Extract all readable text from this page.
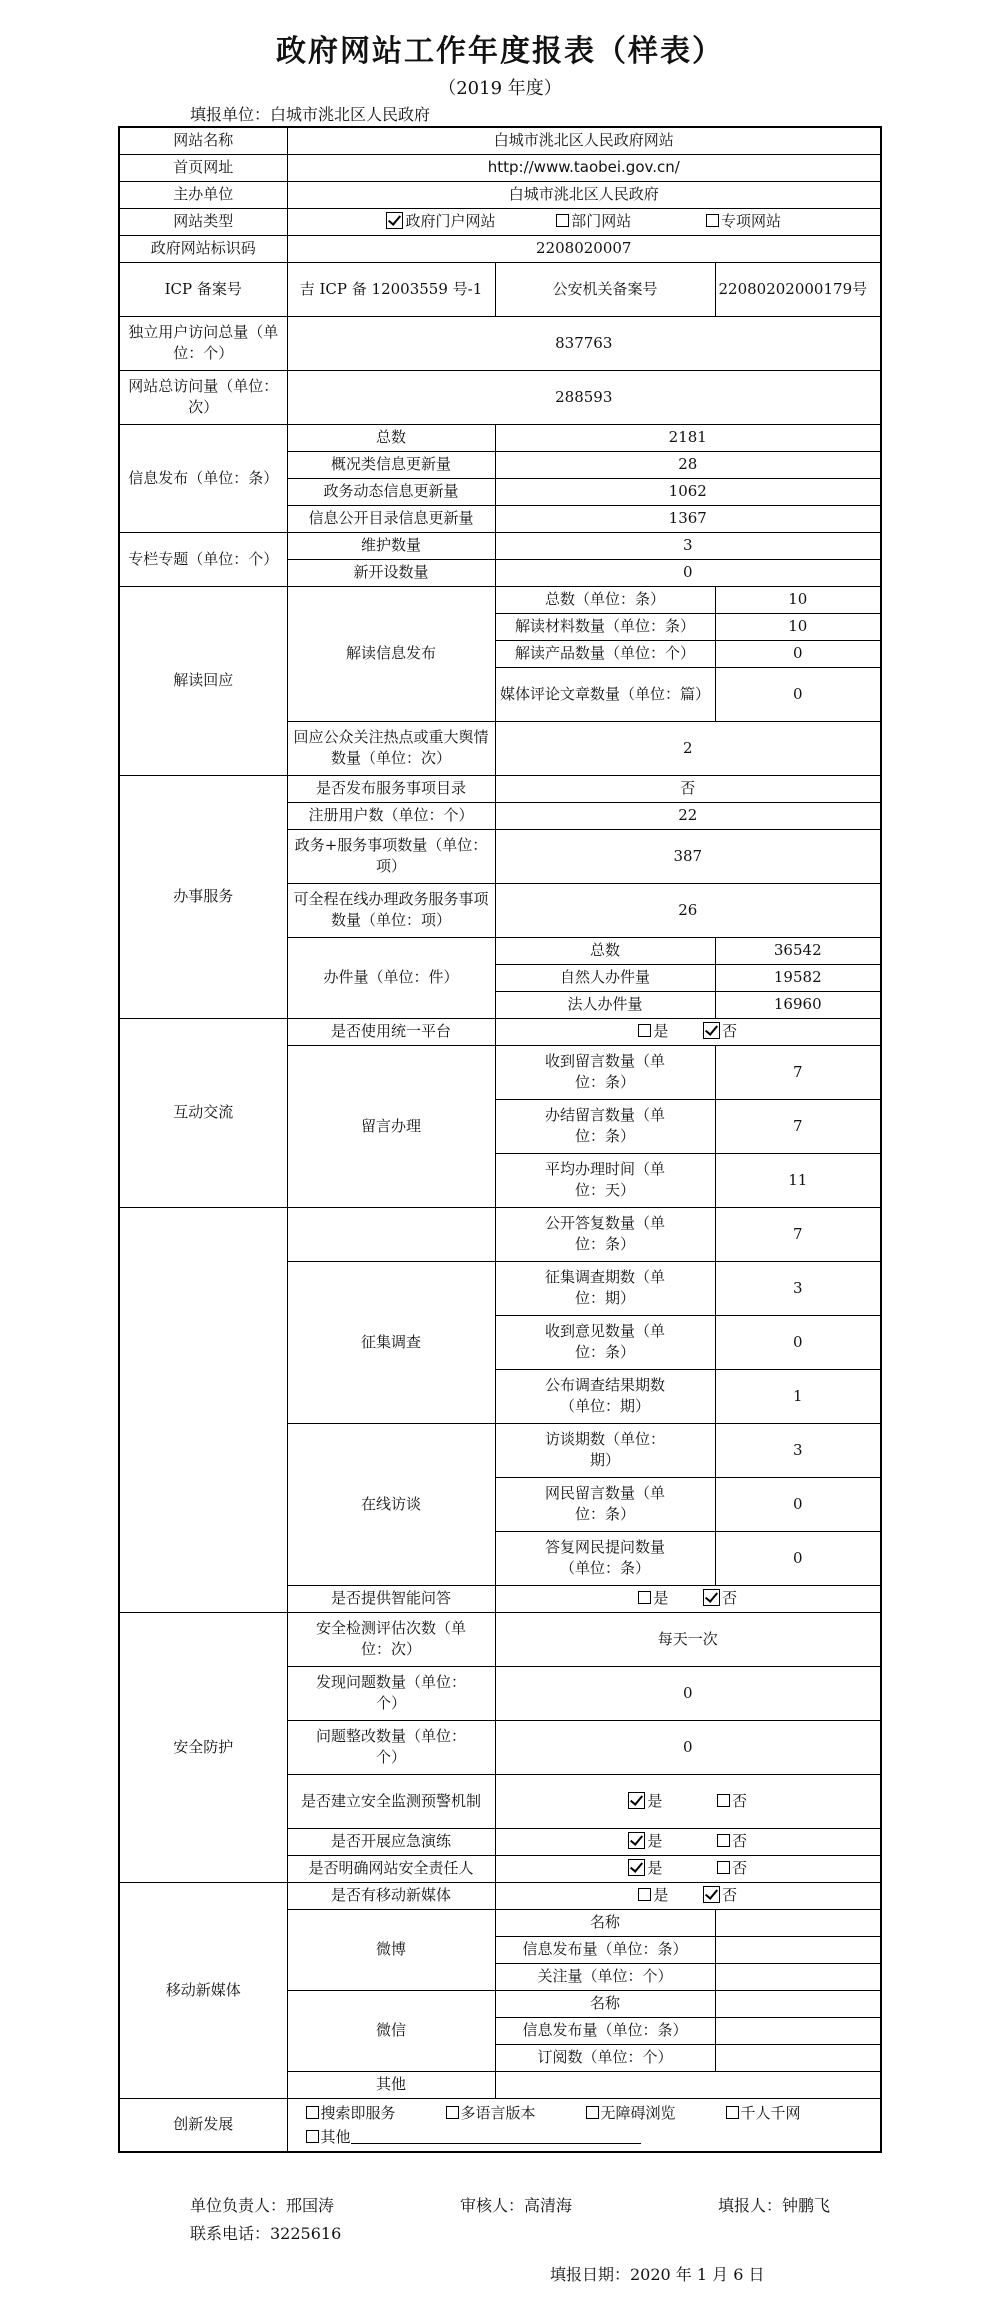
政府网站工作年度报表（样表）
（2019 年度）
填报单位：白城市洮北区人民政府
网站名称	白城市洮北区人民政府网站		
首页网址	http://www.taobei.gov.cn/		
主办单位	白城市洮北区人民政府		
网站类型	政府门户网站 部门网站 专项网站		
政府网站标识码	2208020007		
ICP 备案号	吉 ICP 备 12003559 号-1	公安机关备案号	22080202000179号
独立用户访问总量（单位：个）	837763		
网站总访问量（单位：次）	288593		
信息发布（单位：条）	总数	2181	
	概况类信息更新量	28	
	政务动态信息更新量	1062	
	信息公开目录信息更新量	1367	
专栏专题（单位：个）	维护数量	3	
	新开设数量	0	
解读回应	解读信息发布	总数（单位：条）	10
		解读材料数量（单位：条）	10
		解读产品数量（单位：个）	0
		媒体评论文章数量（单位：篇）	0
	回应公众关注热点或重大舆情数量（单位：次）	2	
办事服务	是否发布服务事项目录	否	
	注册用户数（单位：个）	22	
	政务+服务事项数量（单位：项）	387	
	可全程在线办理政务服务事项数量（单位：项）	26	
	办件量（单位：件）	总数	36542
		自然人办件量	19582
		法人办件量	16960
互动交流	是否使用统一平台	是 否	
	留言办理	收到留言数量（单位：条）	7
		办结留言数量（单位：条）	7
		平均办理时间（单位：天）	11
		公开答复数量（单位：条）	7
	征集调查	征集调查期数（单位：期）	3
		收到意见数量（单位：条）	0
		公布调查结果期数（单位：期）	1
	在线访谈	访谈期数（单位：期）	3
		网民留言数量（单位：条）	0
		答复网民提问数量（单位：条）	0
	是否提供智能问答	是 否	
安全防护	安全检测评估次数（单位：次）	每天一次	
	发现问题数量（单位：个）	0	
	问题整改数量（单位：个）	0	
	是否建立安全监测预警机制	是 否	
	是否开展应急演练	是 否	
	是否明确网站安全责任人	是 否	
移动新媒体	是否有移动新媒体	是 否	
	微博	名称	
		信息发布量（单位：条）	
		关注量（单位：个）	
	微信	名称	
		信息发布量（单位：条）	
		订阅数（单位：个）	
	其他		
创新发展	搜索即服务 多语言版本 无障碍浏览 千人千网
其他		
单位负责人：邢国涛	审核人：高清海	填报人：钟鹏飞
联系电话：3225616
填报日期：2020 年 1 月 6 日
